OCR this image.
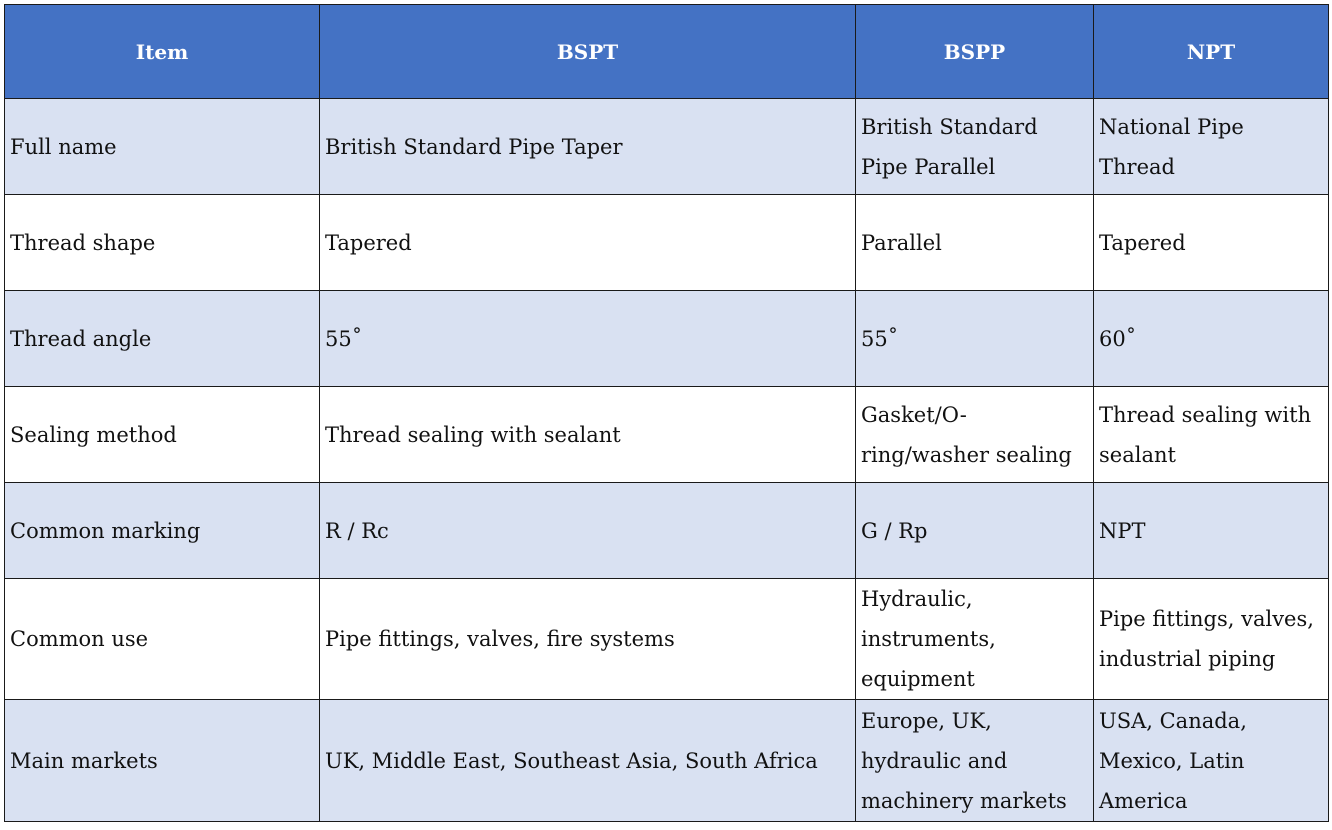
Item	BSPT	BSPP	NPT
Full name	British Standard Pipe Taper	British Standard Pipe Parallel	National Pipe Thread
Thread shape	Tapered	Parallel	Tapered
Thread angle	55˚	55˚	60˚
Sealing method	Thread sealing with sealant	Gasket/O-ring/washer sealing	Thread sealing with sealant
Common marking	R / Rc	G / Rp	NPT
Common use	Pipe fittings, valves, fire systems	Hydraulic, instruments, equipment	Pipe fittings, valves, industrial piping
Main markets	UK, Middle East, Southeast Asia, South Africa	Europe, UK, hydraulic and machinery markets	USA, Canada, Mexico, Latin America
